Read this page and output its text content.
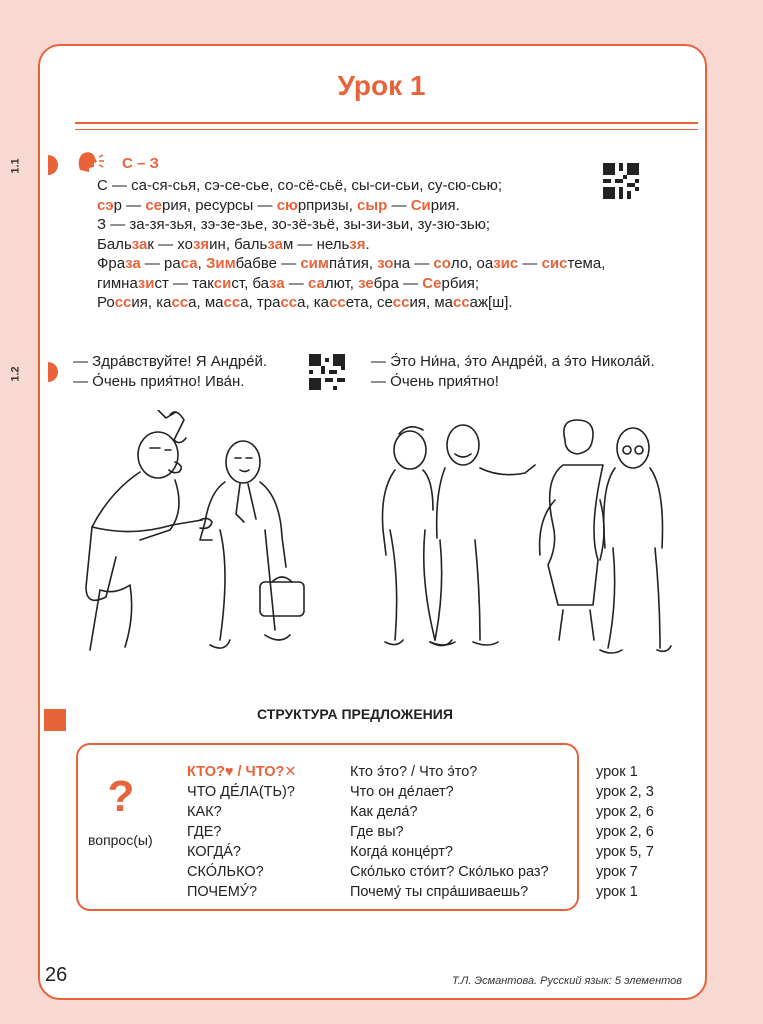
Урок 1
1.1	С – З
С — са-ся-сья, сэ-се-сье, со-сё-сьё, сы-си-сьи, су-сю-сью;
сэр — серия, ресурсы — сюрпризы, сыр — Сирия.
З — за-зя-зья, зэ-зе-зье, зо-зё-зьё, зы-зи-зьи, зу-зю-зью;
Бальзак — хозяин, бальзам — нельзя.
Фраза — раса, Зимбабве — симпа́тия, зона — соло, оазис — система,
гимназист — таксист, база — салют, зебра — Сербия;
Россия, касса, масса, трасса, кассета, сессия, массаж[ш].
1.2
— Здра́вствуйте! Я Андре́й.
— О́чень прия́тно! Ива́н.
— Э́то Ни́на, э́то Андре́й, а э́то Никола́й.
— О́чень прия́тно!
СТРУКТУРА ПРЕДЛОЖЕНИЯ
?
вопрос(ы)
КТО?♥ / ЧТО?✕
ЧТО ДЕ́ЛА(ТЬ)?
КАК?
ГДЕ?
КОГДА́?
СКО́ЛЬКО?
ПОЧЕМУ́?
Кто э́то? / Что э́то?
Что он де́лает?
Как дела́?
Где вы?
Когда́ конце́рт?
Ско́лько сто́ит? Ско́лько раз?
Почему́ ты спра́шиваешь?
урок 1
урок 2, 3
урок 2, 6
урок 2, 6
урок 5, 7
урок 7
урок 1
26	Т.Л. Эсмантова. Русский язык: 5 элементов
